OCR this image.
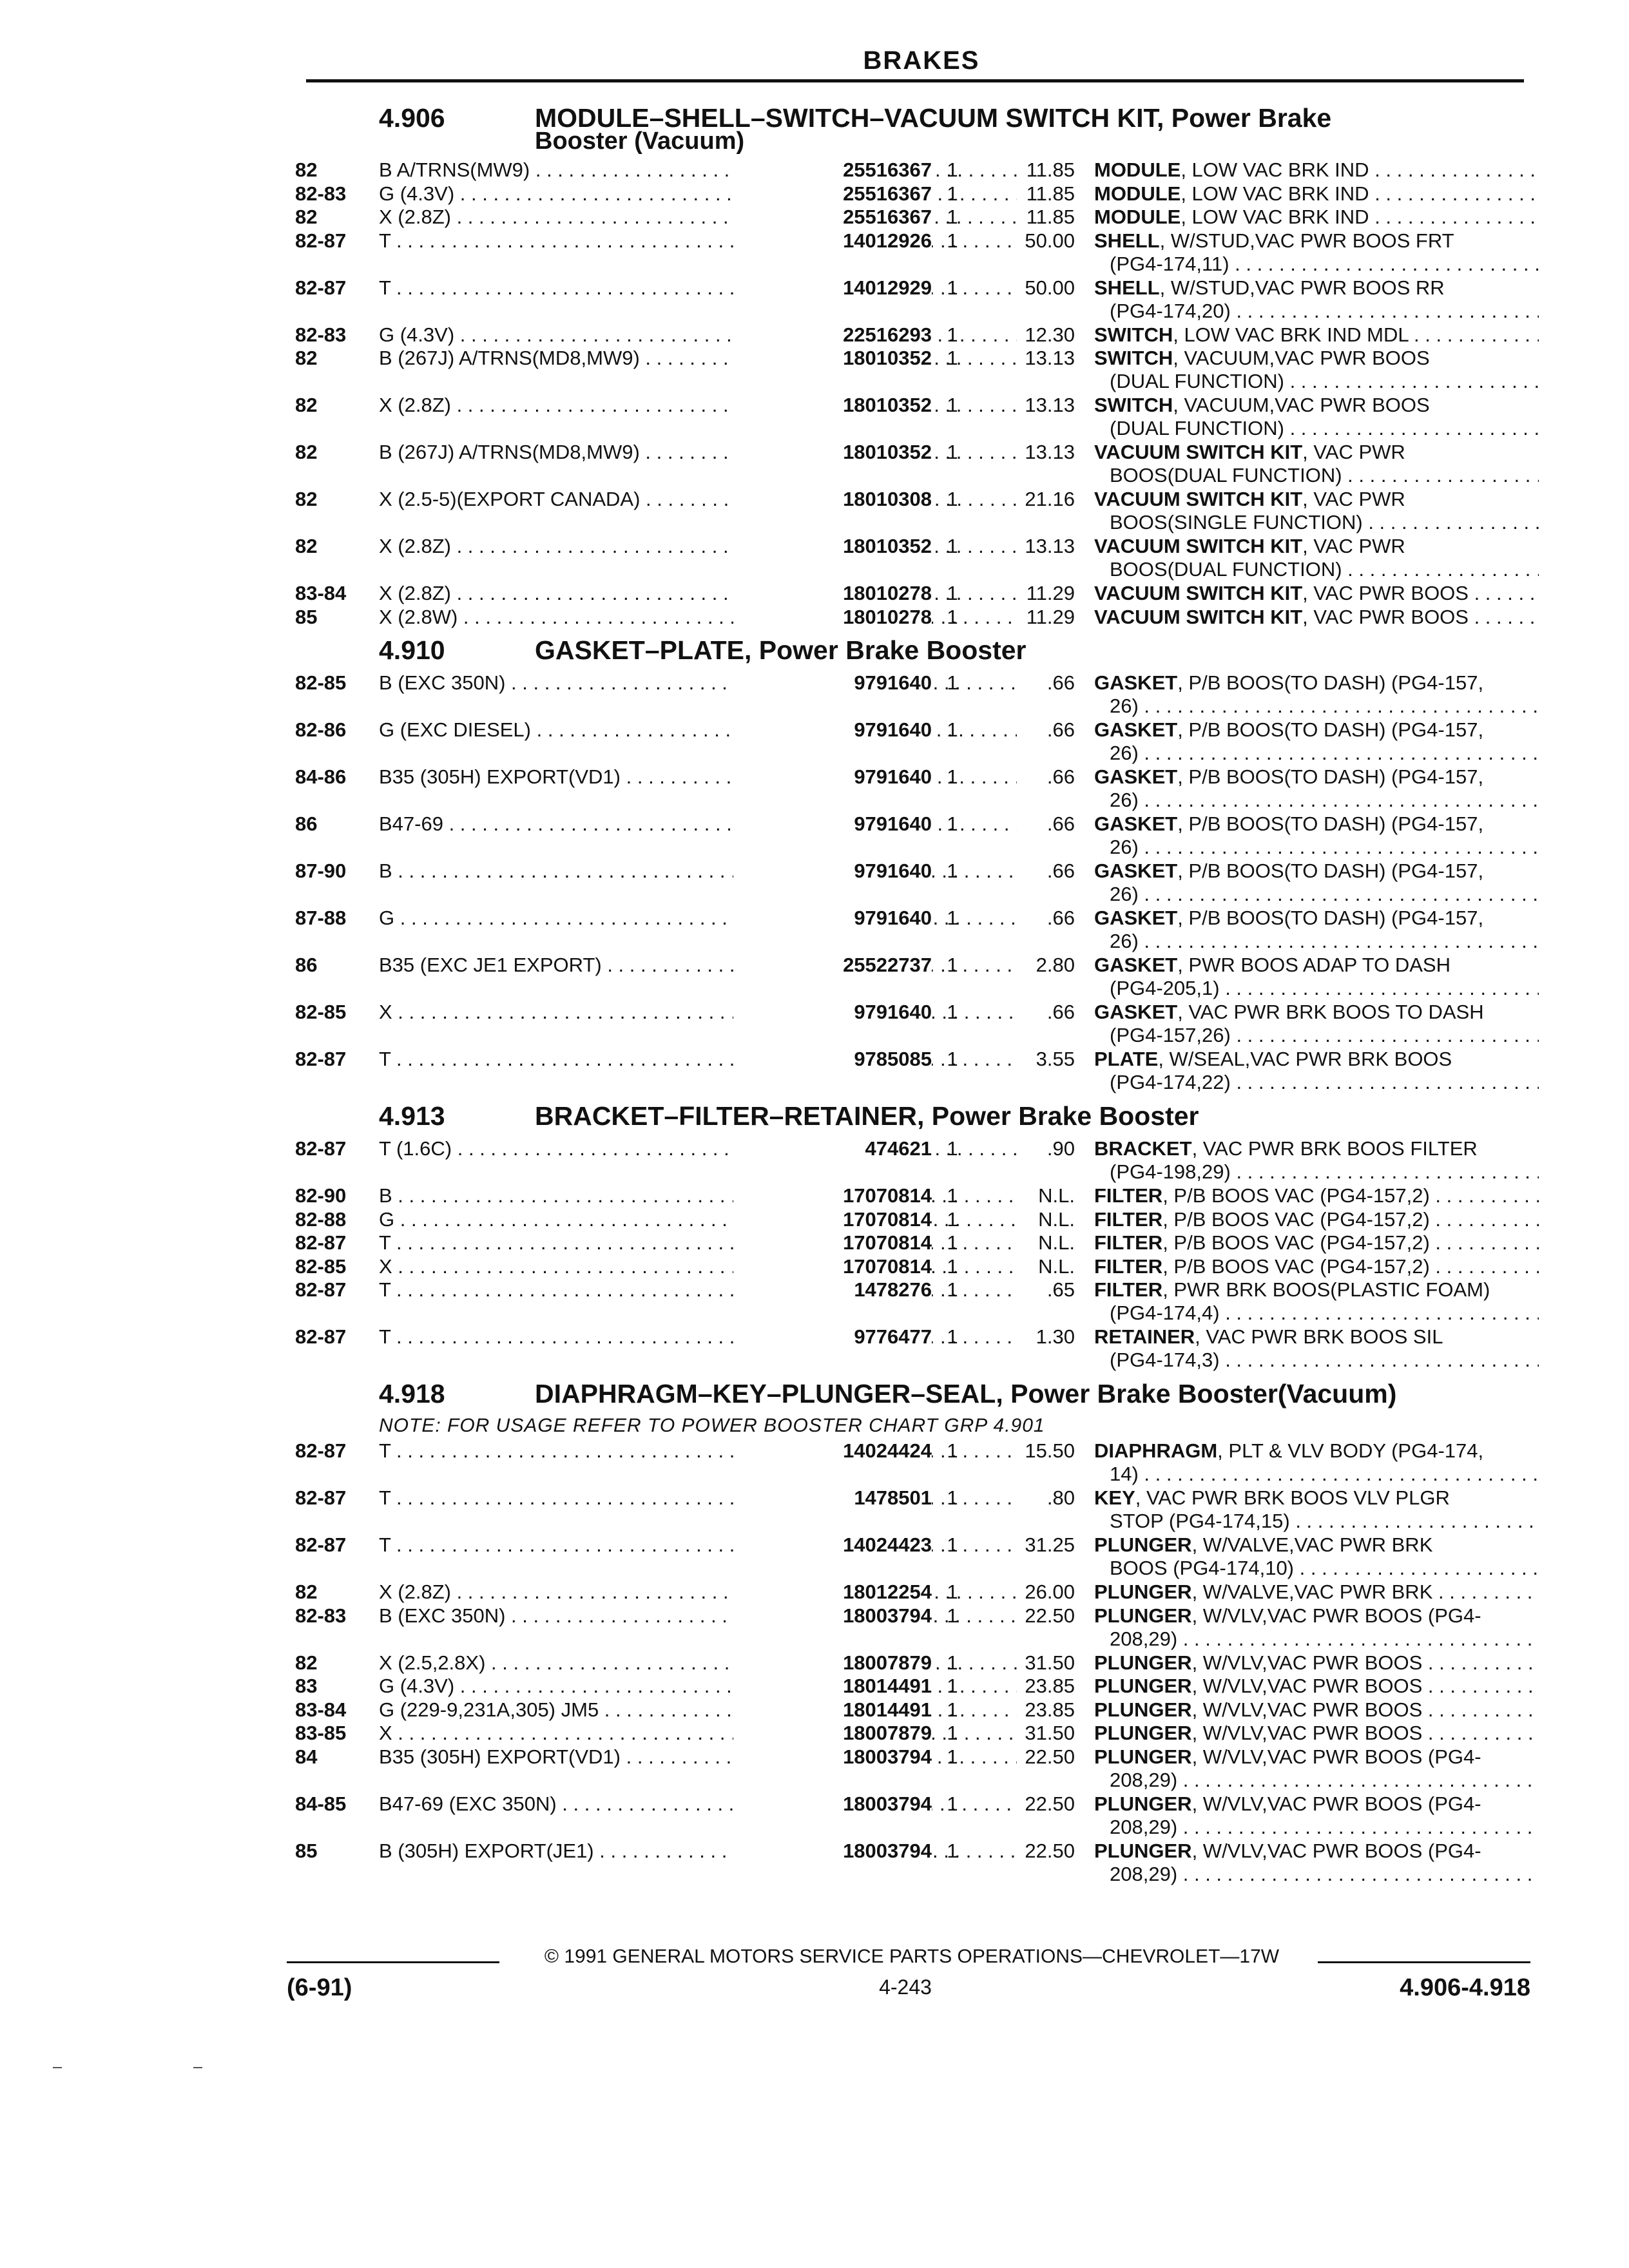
BRAKES
4.906	MODULE–SHELL–SWITCH–VACUUM SWITCH KIT, Power Brake
Booster (Vacuum)
82	B A/TRNS(MW9) . . .	25516367 1	11.85 MODULE, LOW VAC BRK IND . . .
82-83	G (4.3V) . . .	25516367 1	11.85 MODULE, LOW VAC BRK IND . . .
82	X (2.8Z) . . .	25516367 1	11.85 MODULE, LOW VAC BRK IND . . .
82-87	T . . .	14012926 1	50.00 SHELL, W/STUD,VAC PWR BOOS FRT
(PG4-174,11) . . .
82-87	T . . .	14012929 1	50.00 SHELL, W/STUD,VAC PWR BOOS RR
(PG4-174,20) . . .
82-83	G (4.3V) . . .	22516293 1	12.30 SWITCH, LOW VAC BRK IND MDL . . .
82	B (267J) A/TRNS(MD8,MW9) . . .	18010352 1	13.13 SWITCH, VACUUM,VAC PWR BOOS
(DUAL FUNCTION) . . .
82	X (2.8Z) . . .	18010352 1	13.13 SWITCH, VACUUM,VAC PWR BOOS
(DUAL FUNCTION) . . .
82	B (267J) A/TRNS(MD8,MW9) . . .	18010352 1	13.13 VACUUM SWITCH KIT, VAC PWR
BOOS(DUAL FUNCTION) . . .
82	X (2.5-5)(EXPORT CANADA) . . .	18010308 1	21.16 VACUUM SWITCH KIT, VAC PWR
BOOS(SINGLE FUNCTION) . . .
82	X (2.8Z) . . .	18010352 1	13.13 VACUUM SWITCH KIT, VAC PWR
BOOS(DUAL FUNCTION) . . .
83-84	X (2.8Z) . . .	18010278 1	11.29 VACUUM SWITCH KIT, VAC PWR BOOS . . .
85	X (2.8W) . . .	18010278 1	11.29 VACUUM SWITCH KIT, VAC PWR BOOS . . .
4.910	GASKET–PLATE, Power Brake Booster
82-85	B (EXC 350N) . . .	9791640 1	.66 GASKET, P/B BOOS(TO DASH) (PG4-157,
26) . . .
82-86	G (EXC DIESEL) . . .	9791640 1	.66 GASKET, P/B BOOS(TO DASH) (PG4-157,
26) . . .
84-86	B35 (305H) EXPORT(VD1) . . .	9791640 1	.66 GASKET, P/B BOOS(TO DASH) (PG4-157,
26) . . .
86	B47-69 . . .	9791640 1	.66 GASKET, P/B BOOS(TO DASH) (PG4-157,
26) . . .
87-90	B . . .	9791640 1	.66 GASKET, P/B BOOS(TO DASH) (PG4-157,
26) . . .
87-88	G . . .	9791640 1	.66 GASKET, P/B BOOS(TO DASH) (PG4-157,
26) . . .
86	B35 (EXC JE1 EXPORT) . . .	25522737 1	2.80 GASKET, PWR BOOS ADAP TO DASH
(PG4-205,1) . . .
82-85	X . . .	9791640 1	.66 GASKET, VAC PWR BRK BOOS TO DASH
(PG4-157,26) . . .
82-87	T . . .	9785085 1	3.55 PLATE, W/SEAL,VAC PWR BRK BOOS
(PG4-174,22) . . .
4.913	BRACKET–FILTER–RETAINER, Power Brake Booster
82-87	T (1.6C) . . .	474621 1	.90 BRACKET, VAC PWR BRK BOOS FILTER
(PG4-198,29) . . .
82-90	B . . .	17070814 1	N.L. FILTER, P/B BOOS VAC (PG4-157,2) . . .
82-88	G . . .	17070814 1	N.L. FILTER, P/B BOOS VAC (PG4-157,2) . . .
82-87	T . . .	17070814 1	N.L. FILTER, P/B BOOS VAC (PG4-157,2) . . .
82-85	X . . .	17070814 1	N.L. FILTER, P/B BOOS VAC (PG4-157,2) . . .
82-87	T . . .	1478276 1	.65 FILTER, PWR BRK BOOS(PLASTIC FOAM)
(PG4-174,4) . . .
82-87	T . . .	9776477 1	1.30 RETAINER, VAC PWR BRK BOOS SIL
(PG4-174,3) . . .
4.918	DIAPHRAGM–KEY–PLUNGER–SEAL, Power Brake Booster(Vacuum)
NOTE: FOR USAGE REFER TO POWER BOOSTER CHART GRP 4.901
82-87	T . . .	14024424 1	15.50 DIAPHRAGM, PLT & VLV BODY (PG4-174,
14) . . .
82-87	T . . .	1478501 1	.80 KEY, VAC PWR BRK BOOS VLV PLGR
STOP (PG4-174,15) . . .
82-87	T . . .	14024423 1	31.25 PLUNGER, W/VALVE,VAC PWR BRK
BOOS (PG4-174,10) . . .
82	X (2.8Z) . . .	18012254 1	26.00 PLUNGER, W/VALVE,VAC PWR BRK . . .
82-83	B (EXC 350N) . . .	18003794 1	22.50 PLUNGER, W/VLV,VAC PWR BOOS (PG4-
208,29) . . .
82	X (2.5,2.8X) . . .	18007879 1	31.50 PLUNGER, W/VLV,VAC PWR BOOS . . .
83	G (4.3V) . . .	18014491 1	23.85 PLUNGER, W/VLV,VAC PWR BOOS . . .
83-84	G (229-9,231A,305) JM5 . . .	18014491 1	23.85 PLUNGER, W/VLV,VAC PWR BOOS . . .
83-85	X . . .	18007879 1	31.50 PLUNGER, W/VLV,VAC PWR BOOS . . .
84	B35 (305H) EXPORT(VD1) . . .	18003794 1	22.50 PLUNGER, W/VLV,VAC PWR BOOS (PG4-
208,29) . . .
84-85	B47-69 (EXC 350N) . . .	18003794 1	22.50 PLUNGER, W/VLV,VAC PWR BOOS (PG4-
208,29) . . .
85	B (305H) EXPORT(JE1) . . .	18003794 1	22.50 PLUNGER, W/VLV,VAC PWR BOOS (PG4-
208,29) . . .
© 1991 GENERAL MOTORS SERVICE PARTS OPERATIONS—CHEVROLET—17W
(6-91)	4-243	4.906-4.918
